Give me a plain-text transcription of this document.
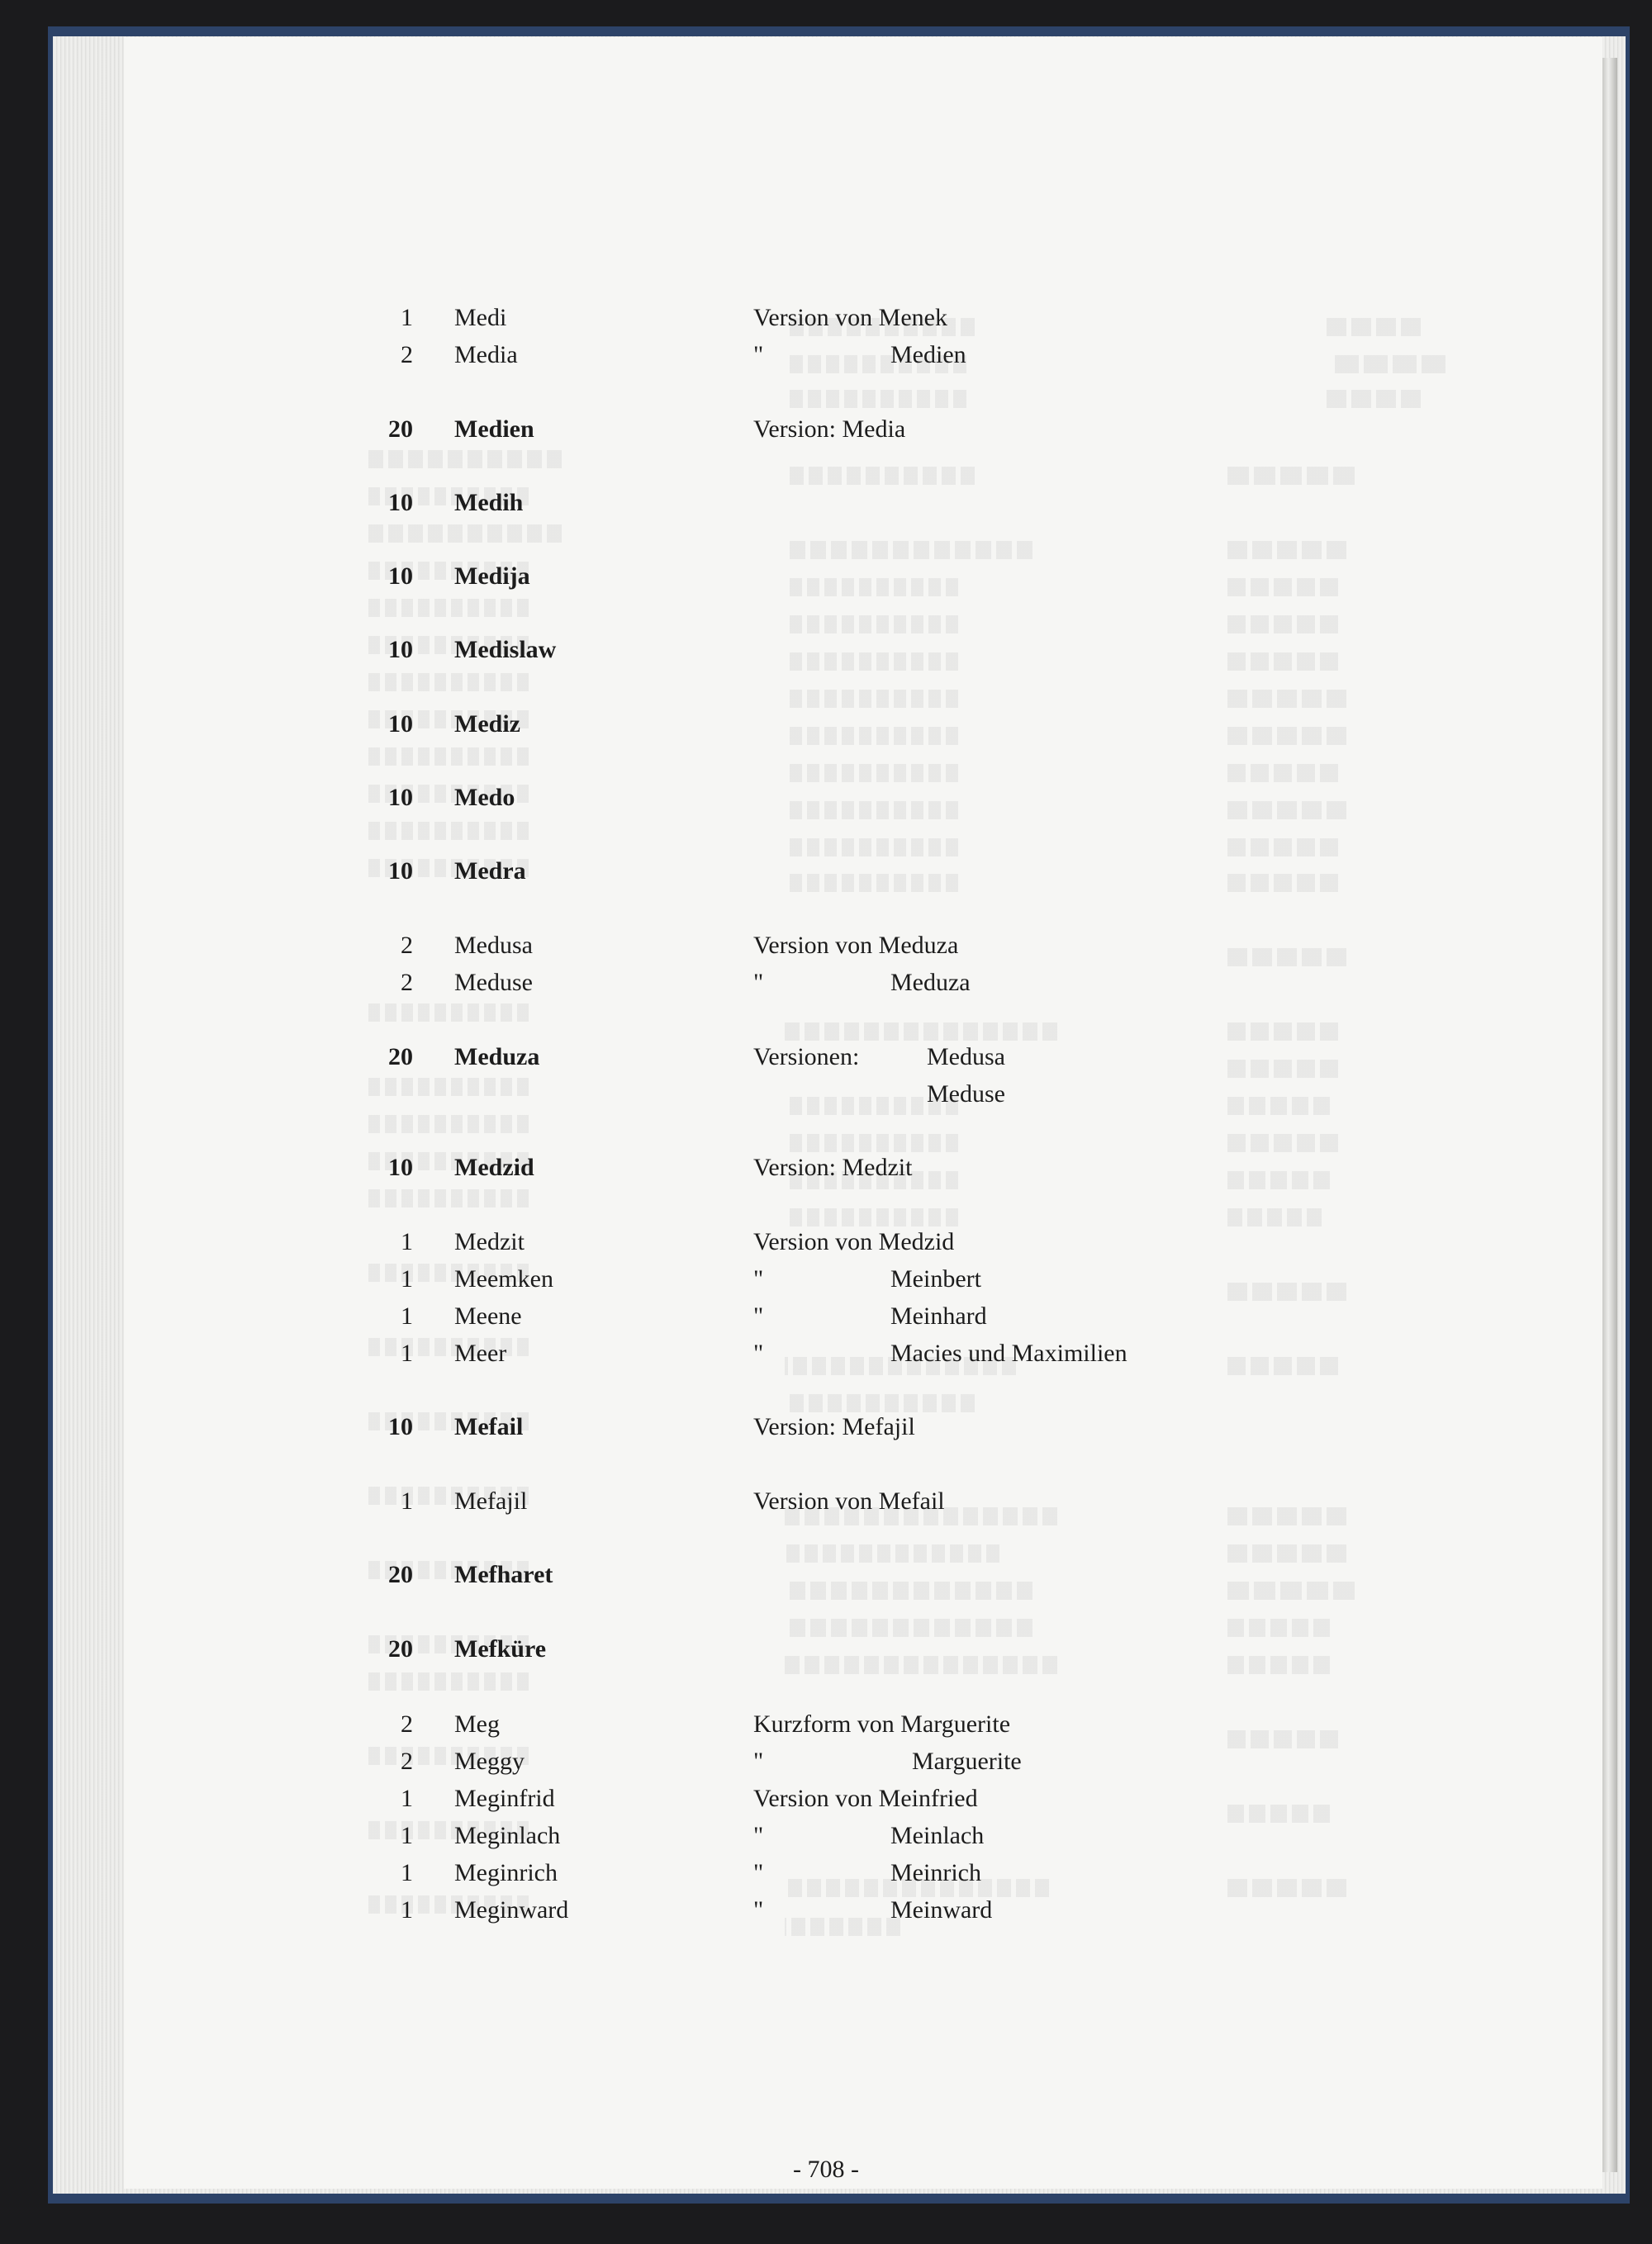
1 Medi	Version von Menek
2 Media	"	Medien
20 Medien	Version: Media
10 Medih
10 Medija
10 Medislaw
10 Mediz
10 Medo
10 Medra
2 Medusa	Version von Meduza
2 Meduse	"	Meduza
20 Meduza	Versionen:	Medusa
Meduse
10 Medzid	Version: Medzit
1 Medzit	Version von Medzid
1 Meemken	"	Meinbert
1 Meene	"	Meinhard
1 Meer	"	Macies und Maximilien
10 Mefail	Version: Mefajil
1 Mefajil	Version von Mefail
20 Mefharet
20 Mefküre
2 Meg	Kurzform von Marguerite
2 Meggy	"	Marguerite
1 Meginfrid	Version von Meinfried
1 Meginlach	"	Meinlach
1 Meginrich	"	Meinrich
1 Meginward	"	Meinward
- 708 -
